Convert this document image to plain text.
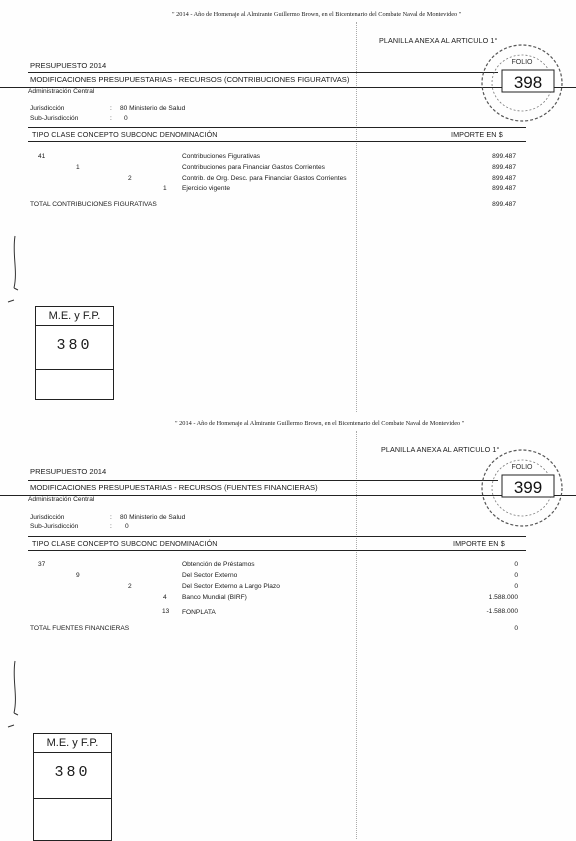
" 2014 - Año de Homenaje al Almirante Guillermo Brown, en el Bicentenario del Combate Naval de Montevideo "
PLANILLA ANEXA AL ARTICULO 1°
PRESUPUESTO 2014
MODIFICACIONES PRESUPUESTARIAS - RECURSOS (CONTRIBUCIONES FIGURATIVAS)
Administración Central
Jurisdicción	: 80 Ministerio de Salud
Sub-Jurisdicción	: 0
TIPO CLASE CONCEPTO SUBCONC DENOMINACIÓN	IMPORTE EN $
41	Contribuciones Figurativas	899.487
1	Contribuciones para Financiar Gastos Corrientes	899.487
2	Contrib. de Org. Desc. para Financiar Gastos Corrientes	899.487
1 Ejercicio vigente	899.487
TOTAL CONTRIBUCIONES FIGURATIVAS	899.487
M.E. y F.P.
380
FOLIO
398
" 2014 - Año de Homenaje al Almirante Guillermo Brown, en el Bicentenario del Combate Naval de Montevideo "
PLANILLA ANEXA AL ARTICULO 1°
PRESUPUESTO 2014
MODIFICACIONES PRESUPUESTARIAS - RECURSOS (FUENTES FINANCIERAS)
Administración Central
Jurisdicción	: 80 Ministerio de Salud
Sub-Jurisdicción	: 0
TIPO CLASE CONCEPTO SUBCONC DENOMINACIÓN	IMPORTE EN $
37	Obtención de Préstamos	0
9	Del Sector Externo	0
2	Del Sector Externo a Largo Plazo	0
4 Banco Mundial (BIRF)	1.588.000
13 FONPLATA	-1.588.000
TOTAL FUENTES FINANCIERAS	0
M.E. y F.P.
380
FOLIO
399
